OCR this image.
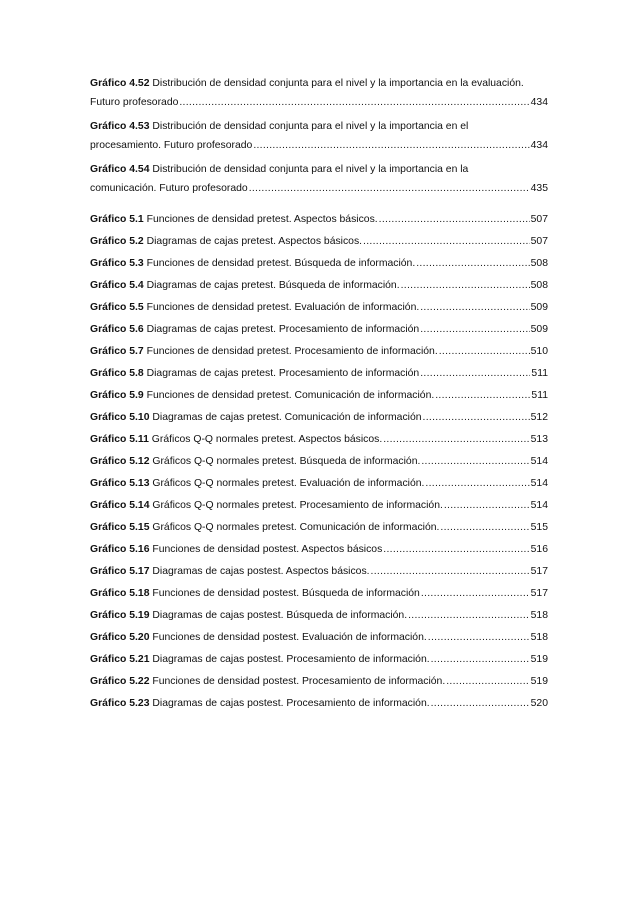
Gráfico 4.52 Distribución de densidad conjunta para el nivel y la importancia en la evaluación.
Futuro profesorado .....	434
Gráfico 4.53 Distribución de densidad conjunta para el nivel y la importancia en el
procesamiento. Futuro profesorado .....	434
Gráfico 4.54 Distribución de densidad conjunta para el nivel y la importancia en la
comunicación. Futuro profesorado .....	435
Gráfico 5.1 Funciones de densidad pretest. Aspectos básicos. .....	507
Gráfico 5.2 Diagramas de cajas pretest. Aspectos básicos. .....	507
Gráfico 5.3 Funciones de densidad pretest. Búsqueda de información. .....	508
Gráfico 5.4 Diagramas de cajas pretest. Búsqueda de información. .....	508
Gráfico 5.5 Funciones de densidad pretest. Evaluación de información. .....	509
Gráfico 5.6 Diagramas de cajas pretest. Procesamiento de información .....	509
Gráfico 5.7 Funciones de densidad pretest. Procesamiento de información. .....	510
Gráfico 5.8 Diagramas de cajas pretest. Procesamiento de información .....	511
Gráfico 5.9 Funciones de densidad pretest. Comunicación de información. .....	511
Gráfico 5.10 Diagramas de cajas pretest. Comunicación de información .....	512
Gráfico 5.11 Gráficos Q-Q normales pretest. Aspectos básicos. .....	513
Gráfico 5.12 Gráficos Q-Q normales pretest. Búsqueda de información. .....	514
Gráfico 5.13 Gráficos Q-Q normales pretest. Evaluación de información. .....	514
Gráfico 5.14 Gráficos Q-Q normales pretest. Procesamiento de información. .....	514
Gráfico 5.15 Gráficos Q-Q normales pretest. Comunicación de información. .....	515
Gráfico 5.16 Funciones de densidad postest. Aspectos básicos .....	516
Gráfico 5.17 Diagramas de cajas postest. Aspectos básicos. .....	517
Gráfico 5.18 Funciones de densidad postest. Búsqueda de información .....	517
Gráfico 5.19 Diagramas de cajas postest. Búsqueda de información. .....	518
Gráfico 5.20 Funciones de densidad postest. Evaluación de información. .....	518
Gráfico 5.21 Diagramas de cajas postest. Procesamiento de información. .....	519
Gráfico 5.22 Funciones de densidad postest. Procesamiento de información. .....	519
Gráfico 5.23 Diagramas de cajas postest. Procesamiento de información. .....	520
